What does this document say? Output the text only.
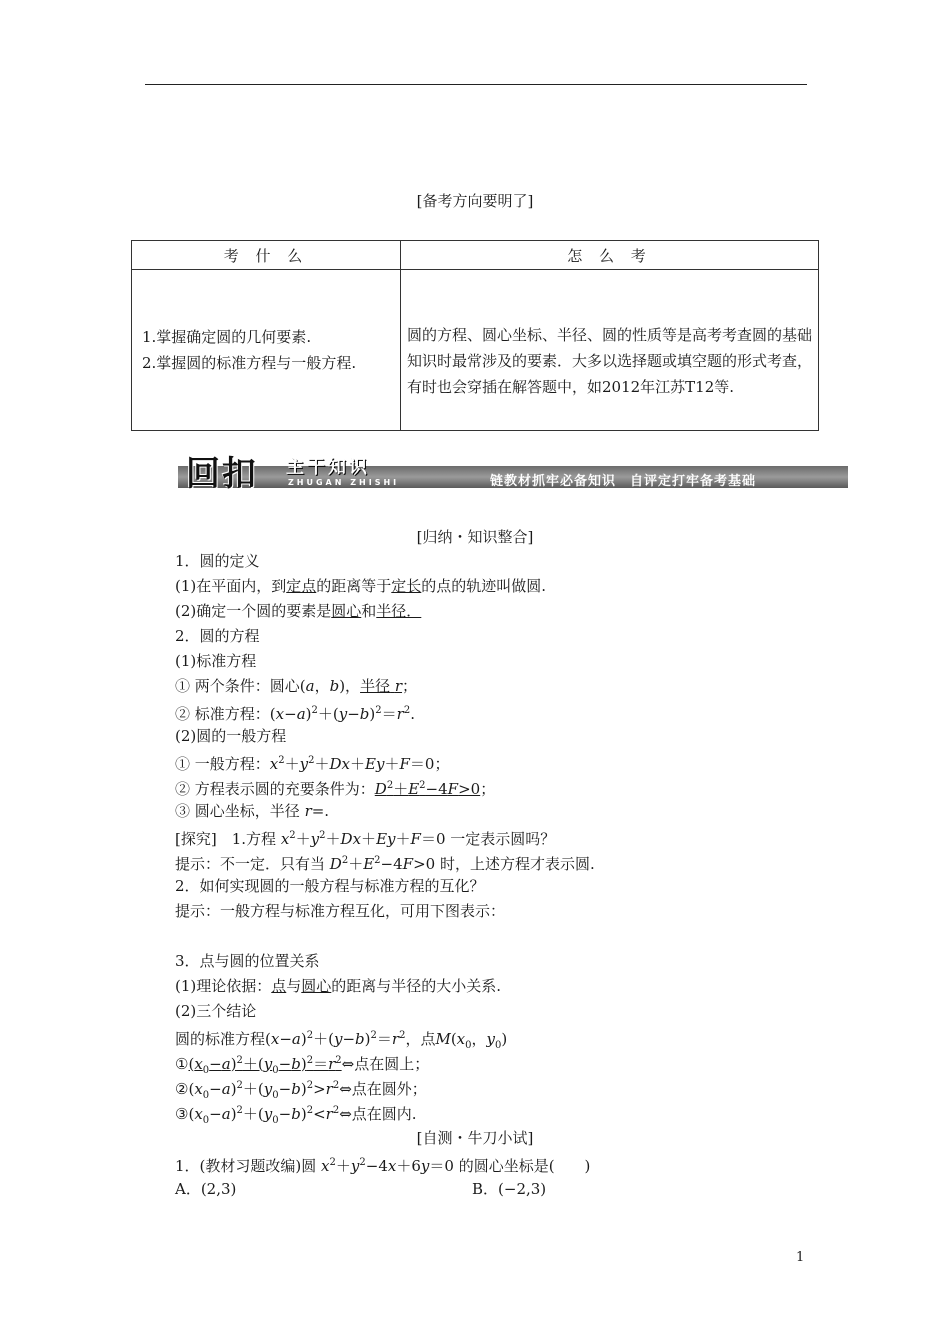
[备考方向要明了]
考 什 么	怎 么 考

1.掌握确定圆的几何要素.
2.掌握圆的标准方程与一般方程.	圆的方程、圆心坐标、半径、圆的性质等是高考考查圆的基础知识时最常涉及的要素．大多以选择题或填空题的形式考查，有时也会穿插在解答题中，如2012年江苏T12等.
回扣 主干知识
ZHUGAN ZHISHI	链教材抓牢必备知识　自评定打牢备考基础
[归纳・知识整合]
1．圆的定义
(1)在平面内，到定点的距离等于定长的点的轨迹叫做圆.
(2)确定一个圆的要素是圆心和半径．
2．圆的方程
(1)标准方程
① 两个条件：圆心(a，b)，半径 r；
② 标准方程：$(x-a)^2+(y-b)^2=r^2$.
(2)圆的一般方程
① 一般方程：$x^2+y^2+Dx+Ey+F=0$；
② 方程表示圆的充要条件为：$D^2+E^2-4F>0$；
③ 圆心坐标，半径 r=.
[探究]　1.方程 $x^2+y^2+Dx+Ey+F=0$ 一定表示圆吗？
提示：不一定．只有当 $D^2+E^2-4F>0$ 时，上述方程才表示圆.
2．如何实现圆的一般方程与标准方程的互化？
提示：一般方程与标准方程互化，可用下图表示：
3．点与圆的位置关系
(1)理论依据：点与圆心的距离与半径的大小关系.
(2)三个结论
圆的标准方程$(x-a)^2+(y-b)^2=r^2$，点$M(x_0$，$y_0$)
$①(x_0-a)^2+(y_0-b)^2=r^2\Leftrightarrow$点在圆上；
$②(x_0-a)^2+(y_0-b)^2>r^2\Leftrightarrow$点在圆外；
$③(x_0-a)^2+(y_0-b)^2<r^2\Leftrightarrow$点在圆内.
[自测・牛刀小试]
1．(教材习题改编)圆 $x^2+y^2-4x+6y=0$ 的圆心坐标是(　　)
A．(2,3)	B．(−2,3)
1
